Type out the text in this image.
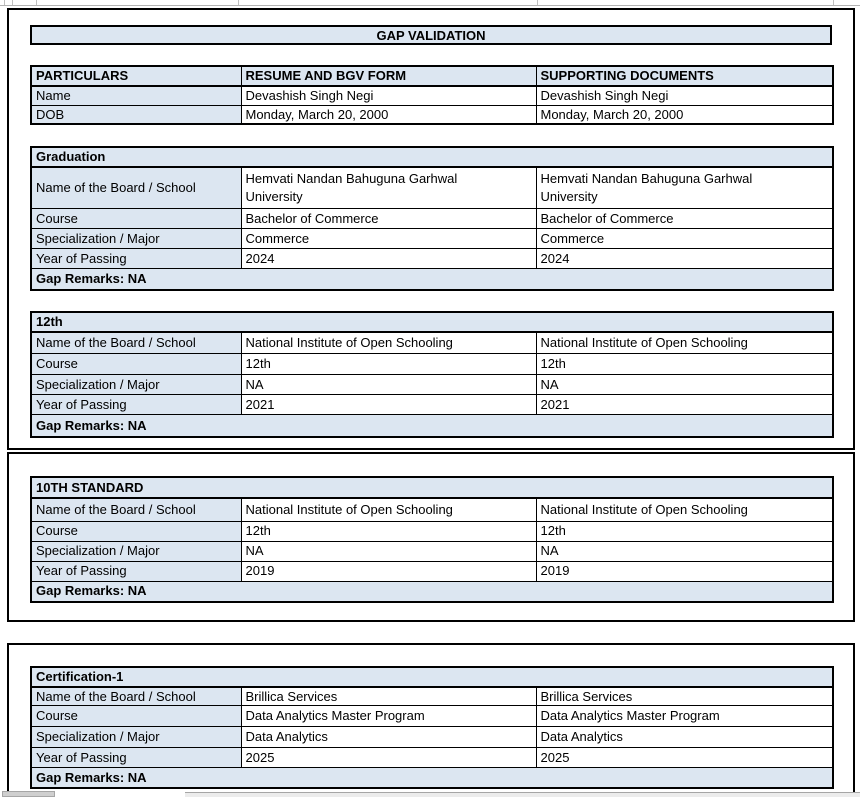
GAP VALIDATION
PARTICULARS	RESUME AND BGV FORM	SUPPORTING DOCUMENTS
Name	Devashish Singh Negi	Devashish Singh Negi
DOB	Monday, March 20, 2000	Monday, March 20, 2000
Graduation		
Name of the Board / School	Hemvati Nandan Bahuguna Garhwal University	Hemvati Nandan Bahuguna Garhwal University

Course	Bachelor of Commerce	Bachelor of Commerce
Specialization / Major	Commerce	Commerce
Year of Passing	2024	2024
Gap Remarks: NA		
12th		
Name of the Board / School	National Institute of Open Schooling	National Institute of Open Schooling
Course	12th	12th
Specialization / Major	NA	NA
Year of Passing	2021	2021
Gap Remarks: NA		
10TH STANDARD		
Name of the Board / School	National Institute of Open Schooling	National Institute of Open Schooling
Course	12th	12th
Specialization / Major	NA	NA
Year of Passing	2019	2019
Gap Remarks: NA		
Certification-1		
Name of the Board / School	Brillica Services	Brillica Services
Course	Data Analytics Master Program	Data Analytics Master Program
Specialization / Major	Data Analytics	Data Analytics
Year of Passing	2025	2025
Gap Remarks: NA		
